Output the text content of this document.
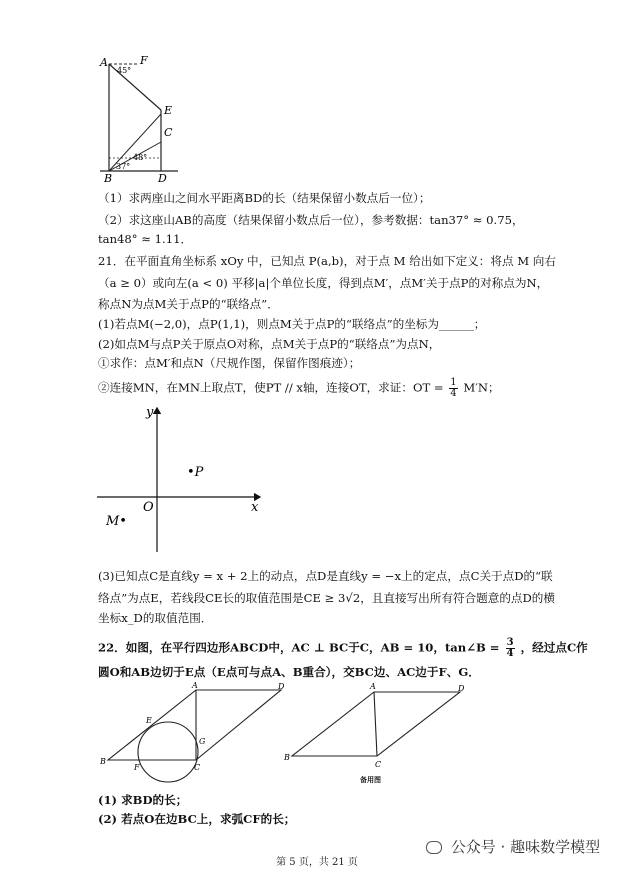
A	F
45°
E
C
48°
37°
B	D
（1）求两座山之间水平距离BD的长（结果保留小数点后一位）；
（2）求这座山AB的高度（结果保留小数点后一位），参考数据：tan37° ≈ 0.75，
tan48° ≈ 1.11．
21．在平面直角坐标系 xOy 中，已知点 P(a,b)，对于点 M 给出如下定义：将点 M 向右
（a ≥ 0）或向左(a < 0) 平移|a|个单位长度，得到点M′，点M′关于点P的对称点为N，
称点N为点M关于点P的“联络点”．
(1)若点M(−2,0)，点P(1,1)，则点M关于点P的“联络点”的坐标为______；
(2)如点M与点P关于原点O对称，点M关于点P的“联络点”为点N，
①求作：点M′和点N（尺规作图，保留作图痕迹）；
②连接MN，在MN上取点T，使PT // x轴，连接OT，求证：OT = $\frac{1}{4} M'N$；
y
x
O
•P
M•
(3)已知点C是直线y = x + 2上的动点，点D是直线y = −x上的定点，点C关于点D的“联
络点”为点E，若线段CE长的取值范围是CE ≥ 3√2，且直接写出所有符合题意的点D的横
坐标x_D的取值范围．
22．如图，在平行四边形ABCD中，AC ⊥ BC于C，AB = 10，tan∠B = $\frac{3}{4}$ ，经过点C作
圆O和AB边切于E点（E点可与点A、B重合），交BC边、AC边于F、G．
A	D
E
G
B
F	C
A	D
B
C
备用图
(1) 求BD的长；
(2) 若点O在边BC上，求弧CF的长；
公众号 · 趣味数学模型
第 5 页，共 21 页
